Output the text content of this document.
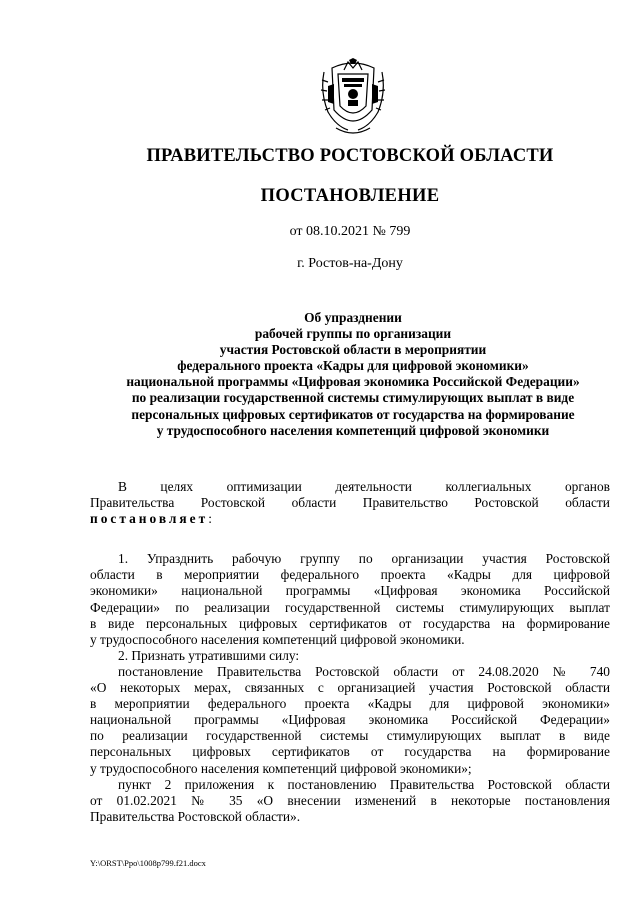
ПРАВИТЕЛЬСТВО РОСТОВСКОЙ ОБЛАСТИ
ПОСТАНОВЛЕНИЕ
от 08.10.2021 № 799
г. Ростов-на-Дону
Об упразднении
рабочей группы по организации
участия Ростовской области в мероприятии
федерального проекта «Кадры для цифровой экономики»
национальной программы «Цифровая экономика Российской Федерации»
по реализации государственной системы стимулирующих выплат в виде
персональных цифровых сертификатов от государства на формирование
у трудоспособного населения компетенций цифровой экономики
В целях оптимизации деятельности коллегиальных органов
Правительства Ростовской области Правительство Ростовской области
постановляет:
1. Упразднить рабочую группу по организации участия Ростовской
области в мероприятии федерального проекта «Кадры для цифровой
экономики» национальной программы «Цифровая экономика Российской
Федерации» по реализации государственной системы стимулирующих выплат
в виде персональных цифровых сертификатов от государства на формирование
у трудоспособного населения компетенций цифровой экономики.
2. Признать утратившими силу:
постановление Правительства Ростовской области от 24.08.2020 № 740
«О некоторых мерах, связанных с организацией участия Ростовской области
в мероприятии федерального проекта «Кадры для цифровой экономики»
национальной программы «Цифровая экономика Российской Федерации»
по реализации государственной системы стимулирующих выплат в виде
персональных цифровых сертификатов от государства на формирование
у трудоспособного населения компетенций цифровой экономики»;
пункт 2 приложения к постановлению Правительства Ростовской области
от 01.02.2021 № 35 «О внесении изменений в некоторые постановления
Правительства Ростовской области».
Y:\ORST\Ppo\1008p799.f21.docx
